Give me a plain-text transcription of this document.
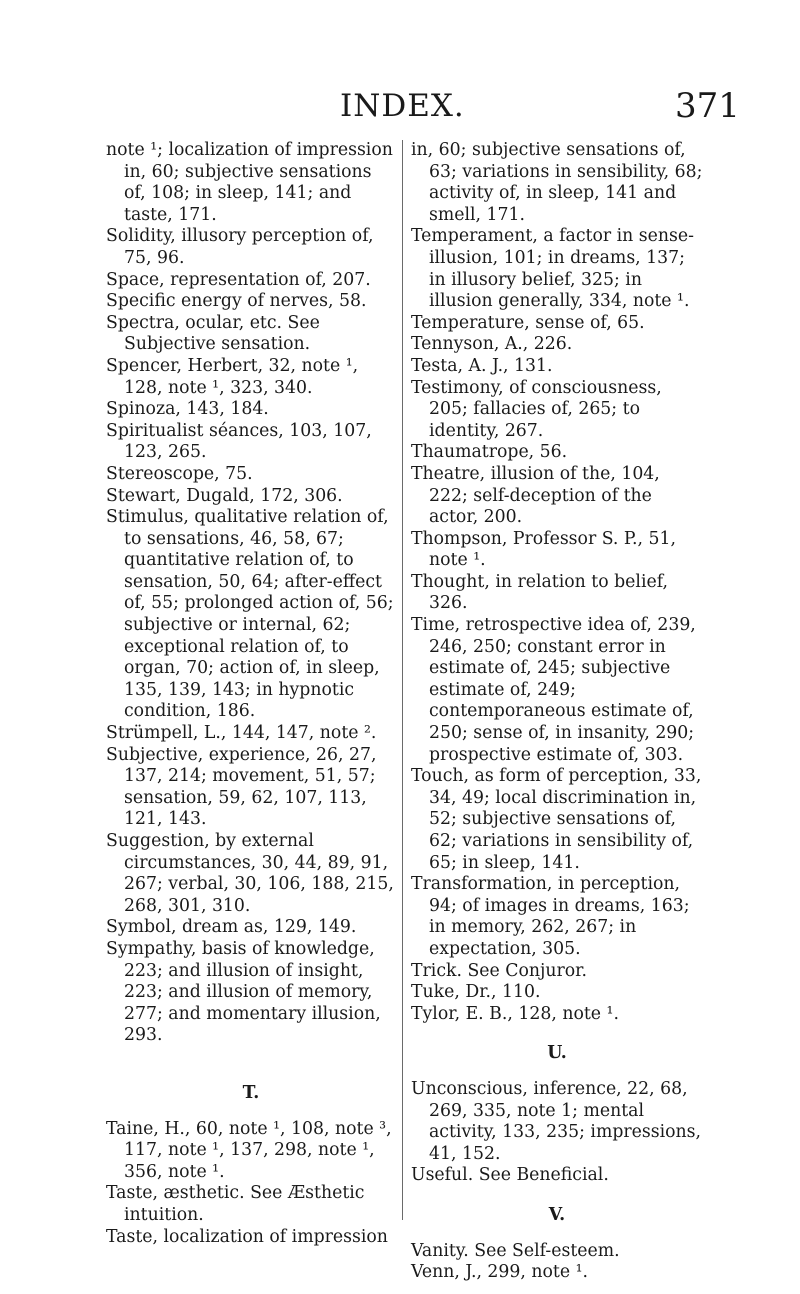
INDEX.	371

note ¹; localization of impression in, 60; subjective sensations of, 108; in sleep, 141; and taste, 171.

Solidity, illusory perception of, 75, 96.

Space, representation of, 207.

Specific energy of nerves, 58.

Spectra, ocular, etc. See Subjective sensation.

Spencer, Herbert, 32, note ¹, 128, note ¹, 323, 340.

Spinoza, 143, 184.

Spiritualist séances, 103, 107, 123, 265.

Stereoscope, 75.

Stewart, Dugald, 172, 306.

Stimulus, qualitative relation of, to sensations, 46, 58, 67; quantitative relation of, to sensation, 50, 64; after-effect of, 55; prolonged action of, 56; subjective or internal, 62; exceptional relation of, to organ, 70; action of, in sleep, 135, 139, 143; in hypnotic condition, 186.

Strümpell, L., 144, 147, note ².

Subjective, experience, 26, 27, 137, 214; movement, 51, 57; sensation, 59, 62, 107, 113, 121, 143.

Suggestion, by external circumstances, 30, 44, 89, 91, 267; verbal, 30, 106, 188, 215, 268, 301, 310.

Symbol, dream as, 129, 149.

Sympathy, basis of knowledge, 223; and illusion of insight, 223; and illusion of memory, 277; and momentary illusion, 293.

T.

Taine, H., 60, note ¹, 108, note ³, 117, note ¹, 137, 298, note ¹, 356, note ¹.

Taste, æsthetic. See Æsthetic intuition.

Taste, localization of impression

in, 60; subjective sensations of, 63; variations in sensibility, 68; activity of, in sleep, 141 and smell, 171.

Temperament, a factor in sense-illusion, 101; in dreams, 137; in illusory belief, 325; in illusion generally, 334, note ¹.

Temperature, sense of, 65.

Tennyson, A., 226.

Testa, A. J., 131.

Testimony, of consciousness, 205; fallacies of, 265; to identity, 267.

Thaumatrope, 56.

Theatre, illusion of the, 104, 222; self-deception of the actor, 200.

Thompson, Professor S. P., 51, note ¹.

Thought, in relation to belief, 326.

Time, retrospective idea of, 239, 246, 250; constant error in estimate of, 245; subjective estimate of, 249; contemporaneous estimate of, 250; sense of, in insanity, 290; prospective estimate of, 303.

Touch, as form of perception, 33, 34, 49; local discrimination in, 52; subjective sensations of, 62; variations in sensibility of, 65; in sleep, 141.

Transformation, in perception, 94; of images in dreams, 163; in memory, 262, 267; in expectation, 305.

Trick. See Conjuror.

Tuke, Dr., 110.

Tylor, E. B., 128, note ¹.

U.

Unconscious, inference, 22, 68, 269, 335, note 1; mental activity, 133, 235; impressions, 41, 152.

Useful. See Beneficial.

V.

Vanity. See Self-esteem.

Venn, J., 299, note ¹.
